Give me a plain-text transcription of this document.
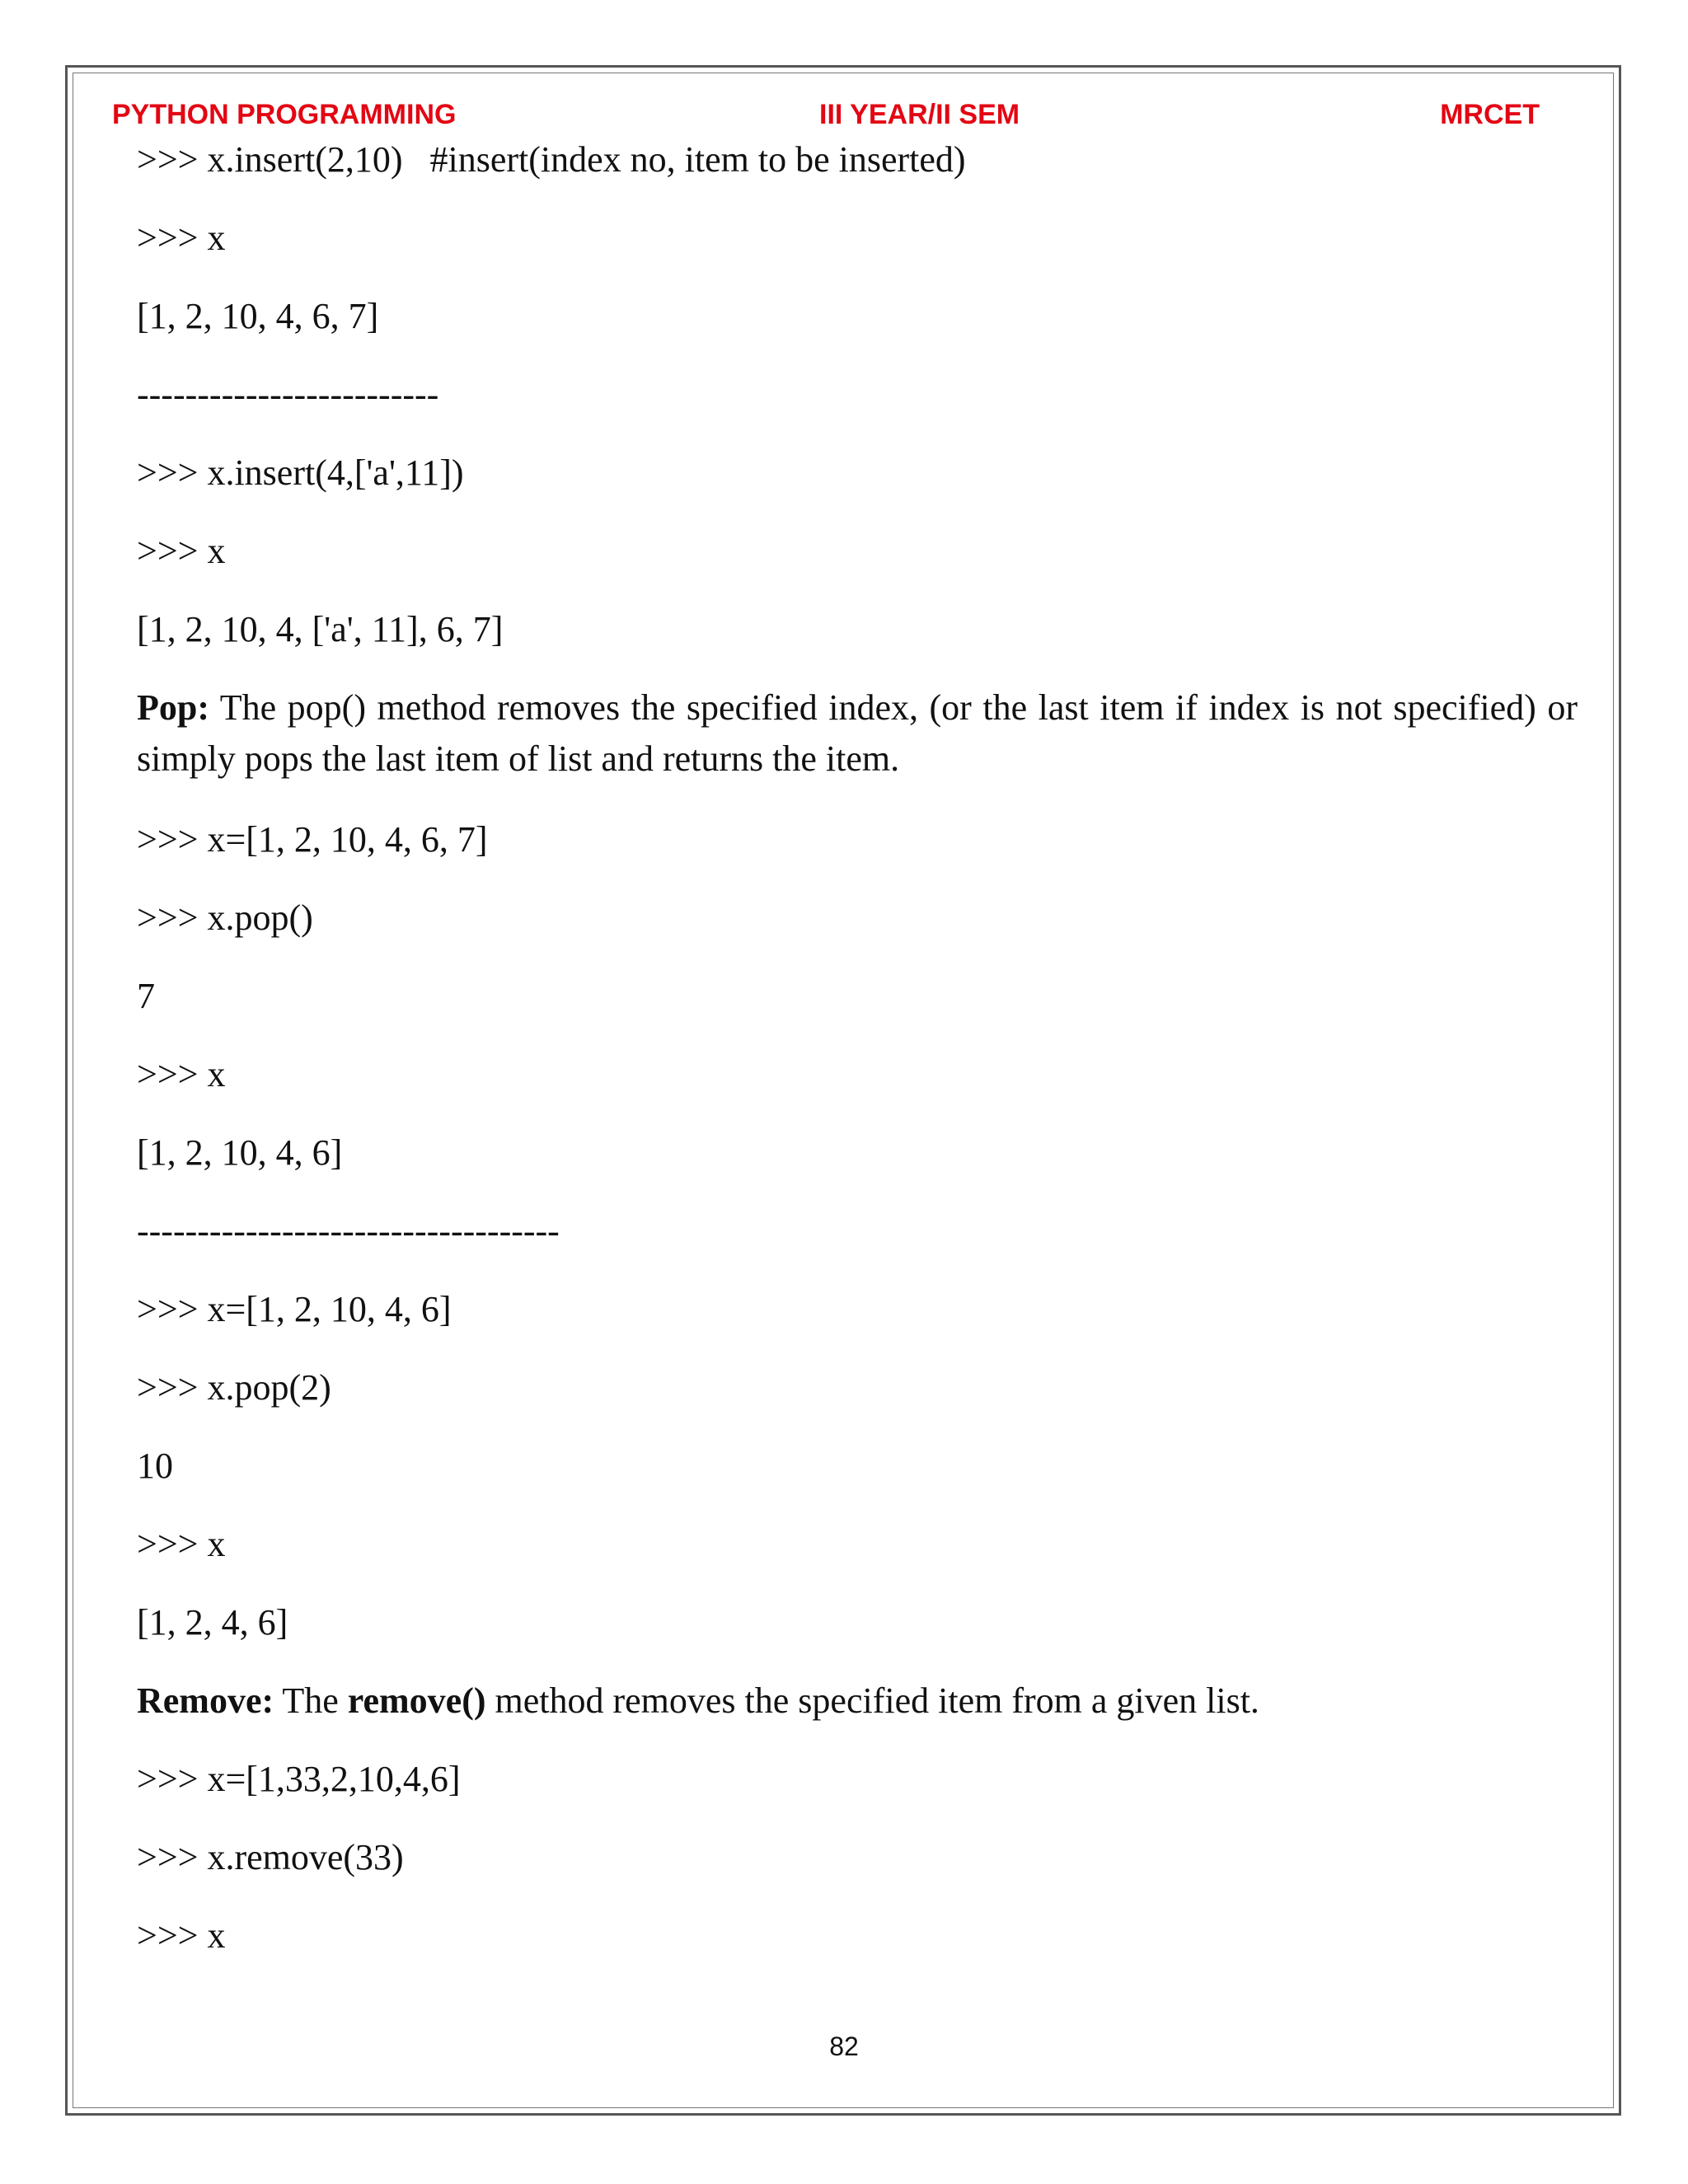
PYTHON PROGRAMMING	III YEAR/II SEM	MRCET
>>> x.insert(2,10)   #insert(index no, item to be inserted)
>>> x
[1, 2, 10, 4, 6, 7]
-------------------------
>>> x.insert(4,['a',11])
>>> x
[1, 2, 10, 4, ['a', 11], 6, 7]
Pop: The pop() method removes the specified index, (or the last item if index is not specified) or simply pops the last item of list and returns the item.
>>> x=[1, 2, 10, 4, 6, 7]
>>> x.pop()
7
>>> x
[1, 2, 10, 4, 6]
-----------------------------------
>>> x=[1, 2, 10, 4, 6]
>>> x.pop(2)
10
>>> x
[1, 2, 4, 6]
Remove: The remove() method removes the specified item from a given list.
>>> x=[1,33,2,10,4,6]
>>> x.remove(33)
>>> x
82
